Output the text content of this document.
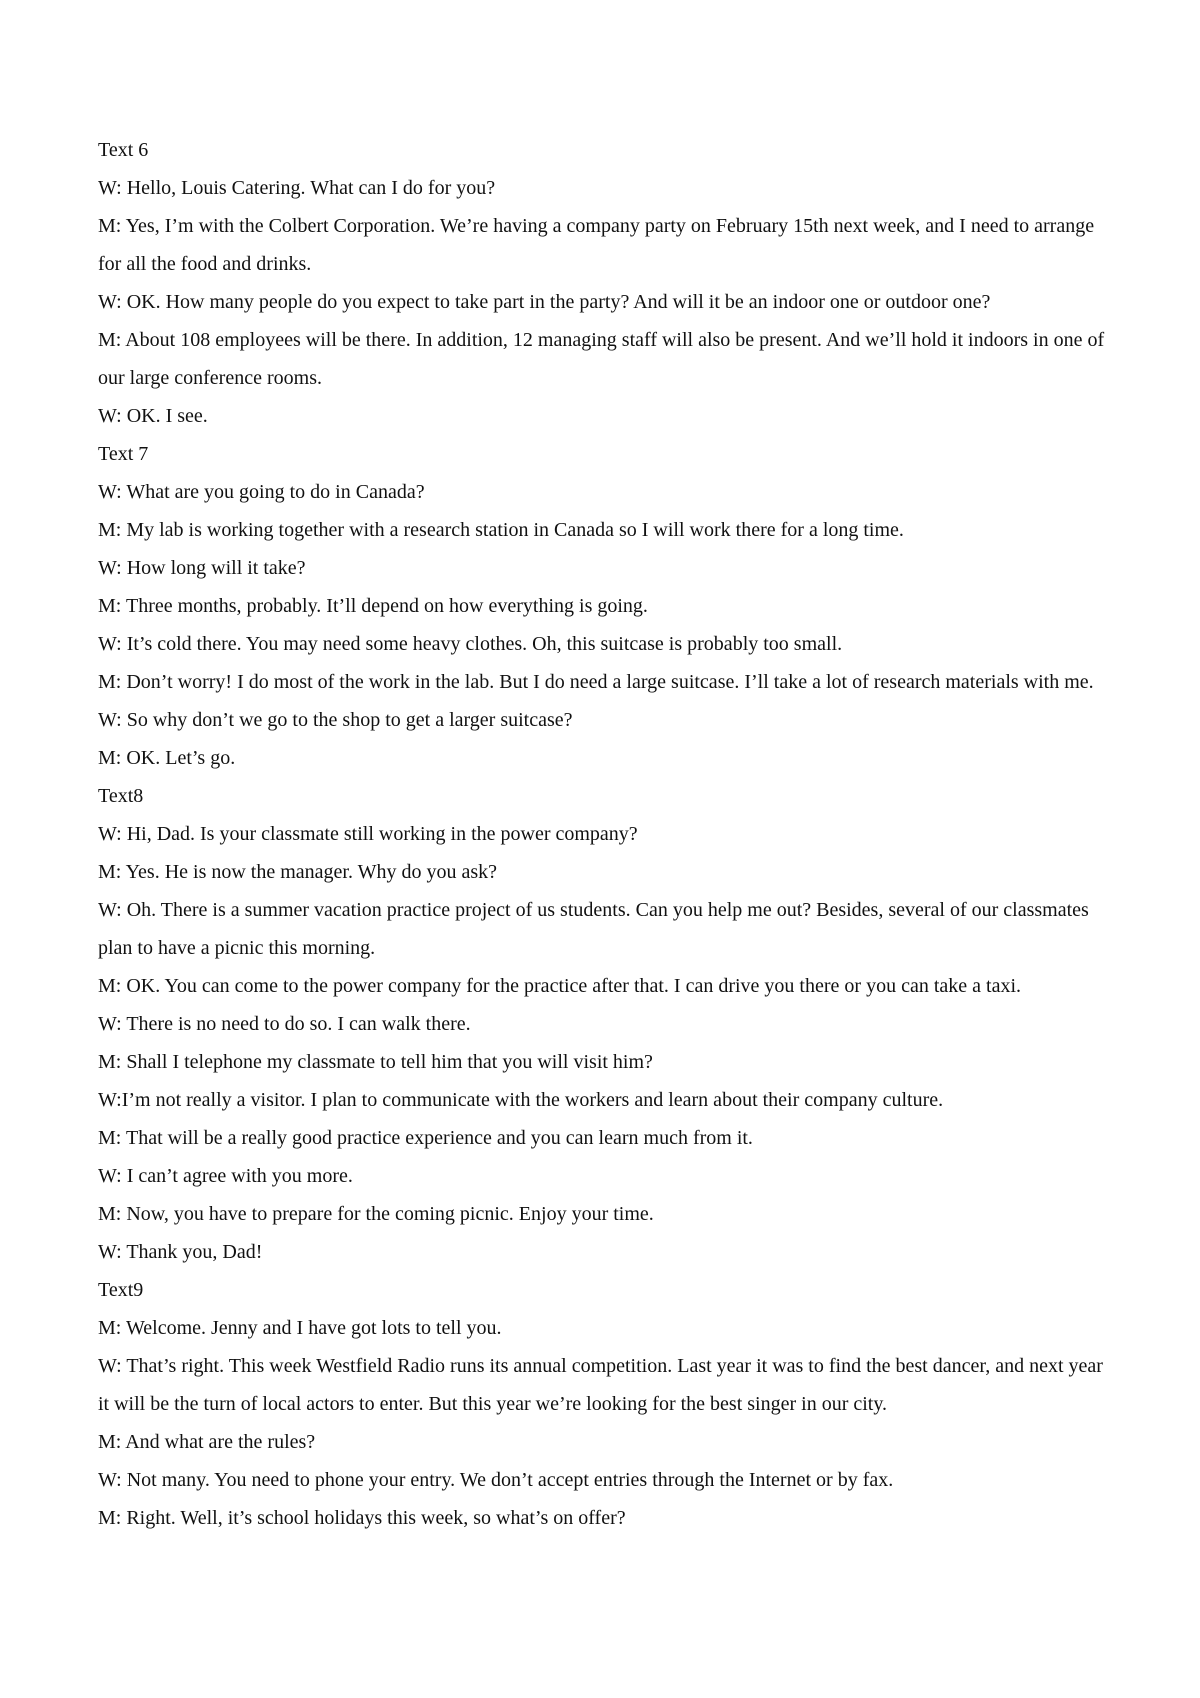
Text 6

W: Hello, Louis Catering. What can I do for you?

M: Yes, I’m with the Colbert Corporation. We’re having a company party on February 15th next week, and I need to arrange for all the food and drinks.

W: OK. How many people do you expect to take part in the party? And will it be an indoor one or outdoor one?

M: About 108 employees will be there. In addition, 12 managing staff will also be present. And we’ll hold it indoors in one of our large conference rooms.

W: OK. I see.

Text 7

W: What are you going to do in Canada?

M: My lab is working together with a research station in Canada so I will work there for a long time.

W: How long will it take?

M: Three months, probably. It’ll depend on how everything is going.

W: It’s cold there. You may need some heavy clothes. Oh, this suitcase is probably too small.

M: Don’t worry! I do most of the work in the lab. But I do need a large suitcase. I’ll take a lot of research materials with me.

W: So why don’t we go to the shop to get a larger suitcase?

M: OK. Let’s go.

Text8

W: Hi, Dad. Is your classmate still working in the power company?

M: Yes. He is now the manager. Why do you ask?

W: Oh. There is a summer vacation practice project of us students. Can you help me out? Besides, several of our classmates plan to have a picnic this morning.

M: OK. You can come to the power company for the practice after that. I can drive you there or you can take a taxi.

W: There is no need to do so. I can walk there.

M: Shall I telephone my classmate to tell him that you will visit him?

W:I’m not really a visitor. I plan to communicate with the workers and learn about their company culture.

M: That will be a really good practice experience and you can learn much from it.

W: I can’t agree with you more.

M: Now, you have to prepare for the coming picnic. Enjoy your time.

W: Thank you, Dad!

Text9

M: Welcome. Jenny and I have got lots to tell you.

W: That’s right. This week Westfield Radio runs its annual competition. Last year it was to find the best dancer, and next year it will be the turn of local actors to enter. But this year we’re looking for the best singer in our city.

M: And what are the rules?

W: Not many. You need to phone your entry. We don’t accept entries through the Internet or by fax.

M: Right. Well, it’s school holidays this week, so what’s on offer?
